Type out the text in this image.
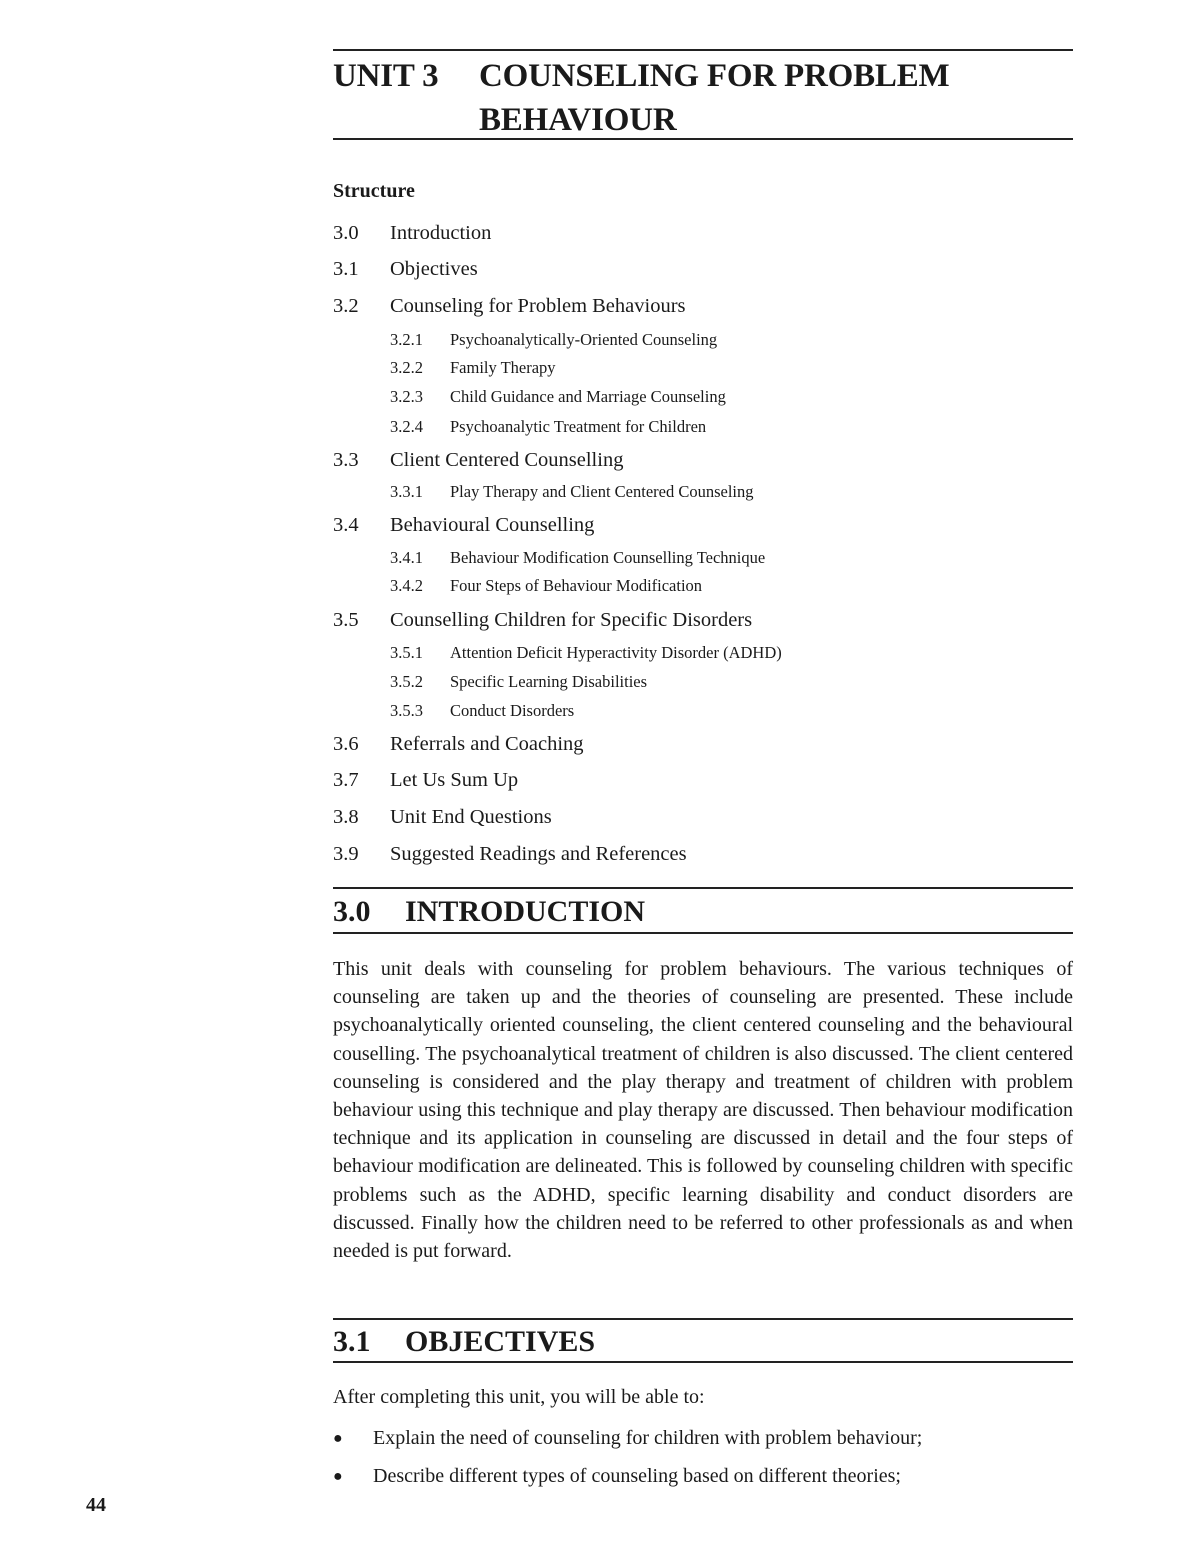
UNIT 3 COUNSELING FOR PROBLEM BEHAVIOUR
Structure
3.0 Introduction
3.1 Objectives
3.2 Counseling for Problem Behaviours
3.2.1 Psychoanalytically-Oriented Counseling
3.2.2 Family Therapy
3.2.3 Child Guidance and Marriage Counseling
3.2.4 Psychoanalytic Treatment for Children
3.3 Client Centered Counselling
3.3.1 Play Therapy and Client Centered Counseling
3.4 Behavioural Counselling
3.4.1 Behaviour Modification Counselling Technique
3.4.2 Four Steps of Behaviour Modification
3.5 Counselling Children for Specific Disorders
3.5.1 Attention Deficit Hyperactivity Disorder (ADHD)
3.5.2 Specific Learning Disabilities
3.5.3 Conduct Disorders
3.6 Referrals and Coaching
3.7 Let Us Sum Up
3.8 Unit End Questions
3.9 Suggested Readings and References
3.0 INTRODUCTION
This unit deals with counseling for problem behaviours. The various techniques of counseling are taken up and the theories of counseling are presented. These include psychoanalytically oriented counseling, the client centered counseling and the behavioural couselling. The psychoanalytical treatment of children is also discussed. The client centered counseling is considered and the play therapy and treatment of children with problem behaviour using this technique and play therapy are discussed. Then behaviour modification technique and its application in counseling are discussed in detail and the four steps of behaviour modification are delineated. This is followed by counseling children with specific problems such as the ADHD, specific learning disability and conduct disorders are discussed. Finally how the children need to be referred to other professionals as and when needed is put forward.
3.1 OBJECTIVES
After completing this unit, you will be able to:
● Explain the need of counseling for children with problem behaviour;
● Describe different types of counseling based on different theories;
44
